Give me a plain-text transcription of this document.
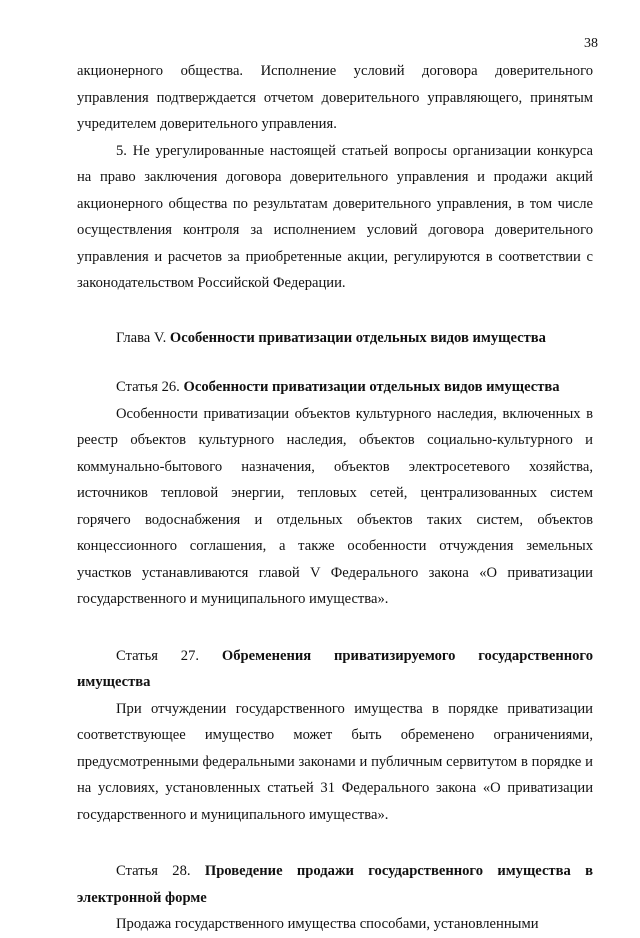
38

акционерного общества. Исполнение условий договора доверительного управления подтверждается отчетом доверительного управляющего, принятым учредителем доверительного управления.

5. Не урегулированные настоящей статьей вопросы организации конкурса на право заключения договора доверительного управления и продажи акций акционерного общества по результатам доверительного управления, в том числе осуществления контроля за исполнением условий договора доверительного управления и расчетов за приобретенные акции, регулируются в соответствии с законодательством Российской Федерации.

Глава V. Особенности приватизации отдельных видов имущества

Статья 26. Особенности приватизации отдельных видов имущества

Особенности приватизации объектов культурного наследия, включенных в реестр объектов культурного наследия, объектов социально-культурного и коммунально-бытового назначения, объектов электросетевого хозяйства, источников тепловой энергии, тепловых сетей, централизованных систем горячего водоснабжения и отдельных объектов таких систем, объектов концессионного соглашения, а также особенности отчуждения земельных участков устанавливаются главой V Федерального закона «О приватизации государственного и муниципального имущества».

Статья 27. Обременения приватизируемого государственного
имущества

При отчуждении государственного имущества в порядке приватизации соответствующее имущество может быть обременено ограничениями, предусмотренными федеральными законами и публичным сервитутом в порядке и на условиях, установленных статьей 31 Федерального закона «О приватизации государственного и муниципального имущества».

Статья 28. Проведение продажи государственного имущества в
электронной форме

Продажа государственного имущества способами, установленными
